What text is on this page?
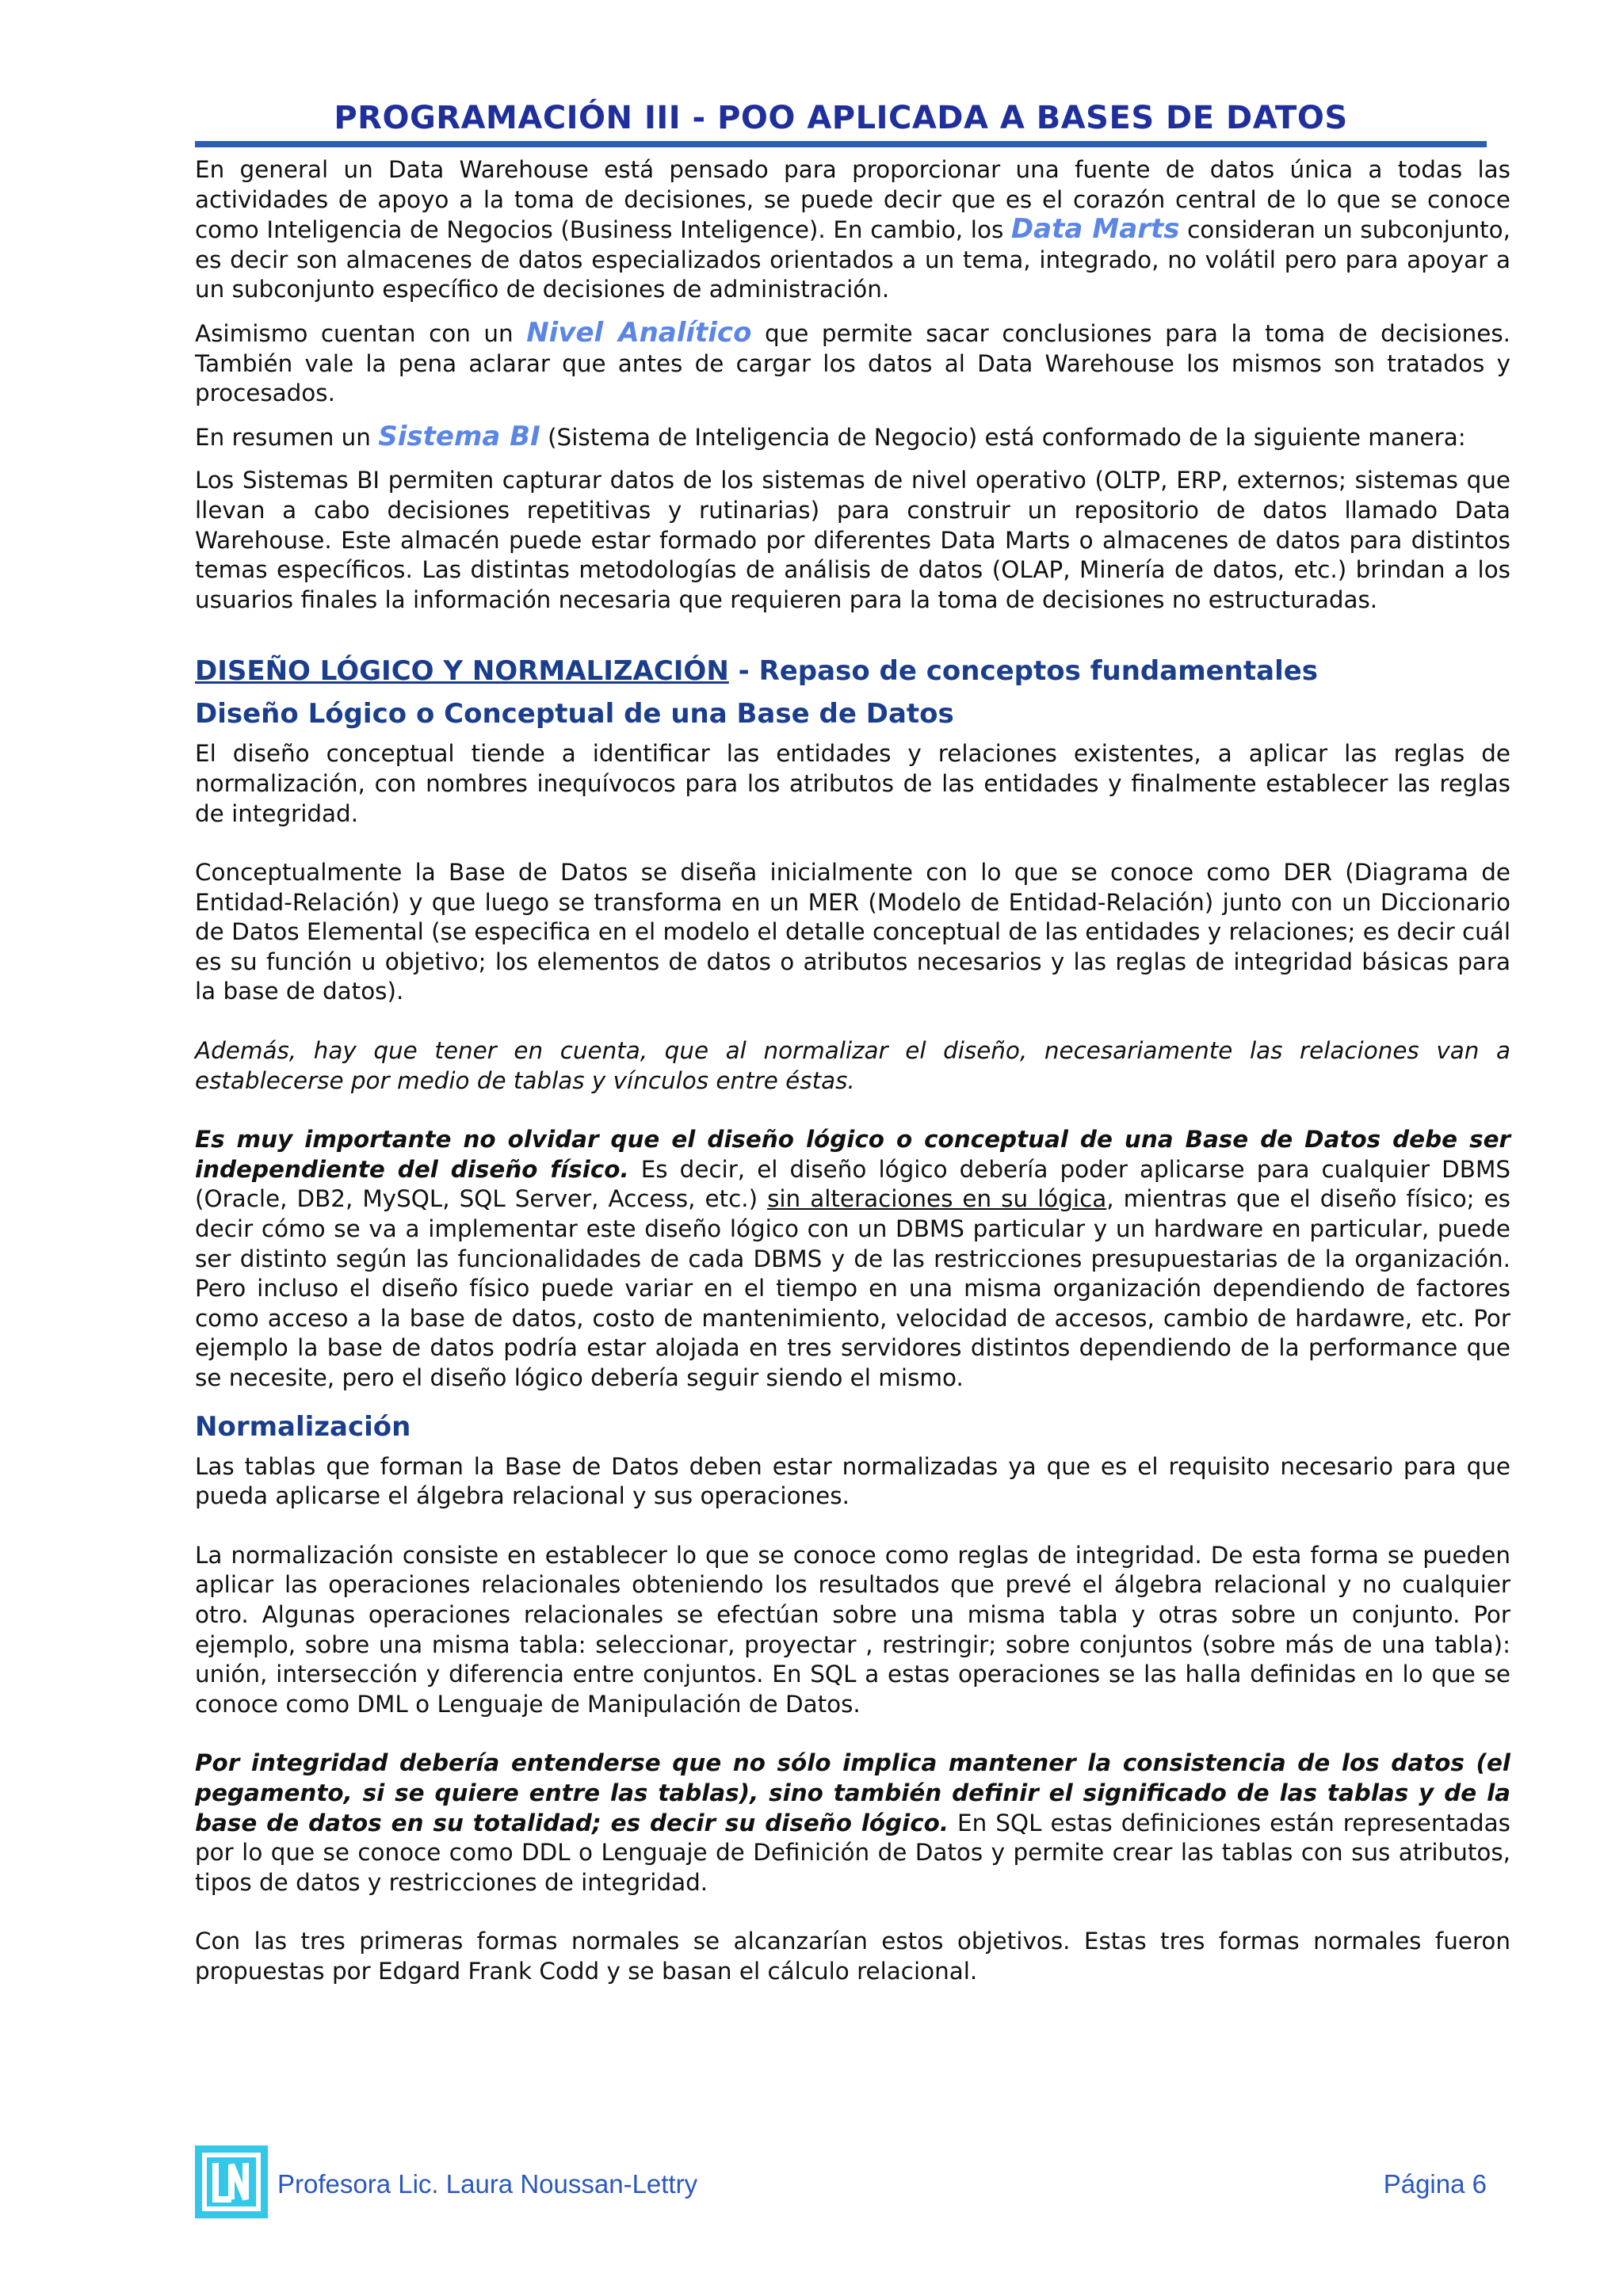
PROGRAMACIÓN III - POO APLICADA A BASES DE DATOS

En general un Data Warehouse está pensado para proporcionar una fuente de datos única a todas las actividades de apoyo a la toma de decisiones, se puede decir que es el corazón central de lo que se conoce como Inteligencia de Negocios (Business Inteligence). En cambio, los Data Marts consideran un subconjunto, es decir son almacenes de datos especializados orientados a un tema, integrado, no volátil pero para apoyar a un subconjunto específico de decisiones de administración.

Asimismo cuentan con un Nivel Analítico que permite sacar conclusiones para la toma de decisiones. También vale la pena aclarar que antes de cargar los datos al Data Warehouse los mismos son tratados y procesados.

En resumen un Sistema BI (Sistema de Inteligencia de Negocio) está conformado de la siguiente manera:

Los Sistemas BI permiten capturar datos de los sistemas de nivel operativo (OLTP, ERP, externos; sistemas que llevan a cabo decisiones repetitivas y rutinarias) para construir un repositorio de datos llamado Data Warehouse. Este almacén puede estar formado por diferentes Data Marts o almacenes de datos para distintos temas específicos. Las distintas metodologías de análisis de datos (OLAP, Minería de datos, etc.) brindan a los usuarios finales la información necesaria que requieren para la toma de decisiones no estructuradas.

DISEÑO LÓGICO Y NORMALIZACIÓN - Repaso de conceptos fundamentales

Diseño Lógico o Conceptual de una Base de Datos

El diseño conceptual tiende a identificar las entidades y relaciones existentes, a aplicar las reglas de normalización, con nombres inequívocos para los atributos de las entidades y finalmente establecer las reglas de integridad.

Conceptualmente la Base de Datos se diseña inicialmente con lo que se conoce como DER (Diagrama de Entidad-Relación) y que luego se transforma en un MER (Modelo de Entidad-Relación) junto con un Diccionario de Datos Elemental (se especifica en el modelo el detalle conceptual de las entidades y relaciones; es decir cuál es su función u objetivo; los elementos de datos o atributos necesarios y las reglas de integridad básicas para la base de datos).

Además, hay que tener en cuenta, que al normalizar el diseño, necesariamente las relaciones van a establecerse por medio de tablas y vínculos entre éstas.

Es muy importante no olvidar que el diseño lógico o conceptual de una Base de Datos debe ser independiente del diseño físico. Es decir, el diseño lógico debería poder aplicarse para cualquier DBMS (Oracle, DB2, MySQL, SQL Server, Access, etc.) sin alteraciones en su lógica, mientras que el diseño físico; es decir cómo se va a implementar este diseño lógico con un DBMS particular y un hardware en particular, puede ser distinto según las funcionalidades de cada DBMS y de las restricciones presupuestarias de la organización. Pero incluso el diseño físico puede variar en el tiempo en una misma organización dependiendo de factores como acceso a la base de datos, costo de mantenimiento, velocidad de accesos, cambio de hardawre, etc. Por ejemplo la base de datos podría estar alojada en tres servidores distintos dependiendo de la performance que se necesite, pero el diseño lógico debería seguir siendo el mismo.

Normalización

Las tablas que forman la Base de Datos deben estar normalizadas ya que es el requisito necesario para que pueda aplicarse el álgebra relacional y sus operaciones.

La normalización consiste en establecer lo que se conoce como reglas de integridad. De esta forma se pueden aplicar las operaciones relacionales obteniendo los resultados que prevé el álgebra relacional y no cualquier otro. Algunas operaciones relacionales se efectúan sobre una misma tabla y otras sobre un conjunto. Por ejemplo, sobre una misma tabla: seleccionar, proyectar , restringir; sobre conjuntos (sobre más de una tabla): unión, intersección y diferencia entre conjuntos. En SQL a estas operaciones se las halla definidas en lo que se conoce como DML o Lenguaje de Manipulación de Datos.

Por integridad debería entenderse que no sólo implica mantener la consistencia de los datos (el pegamento, si se quiere entre las tablas), sino también definir el significado de las tablas y de la base de datos en su totalidad; es decir su diseño lógico. En SQL estas definiciones están representadas por lo que se conoce como DDL o Lenguaje de Definición de Datos y permite crear las tablas con sus atributos, tipos de datos y restricciones de integridad.

Con las tres primeras formas normales se alcanzarían estos objetivos. Estas tres formas normales fueron propuestas por Edgard Frank Codd y se basan el cálculo relacional.

Profesora Lic. Laura Noussan-Lettry	Página 6
